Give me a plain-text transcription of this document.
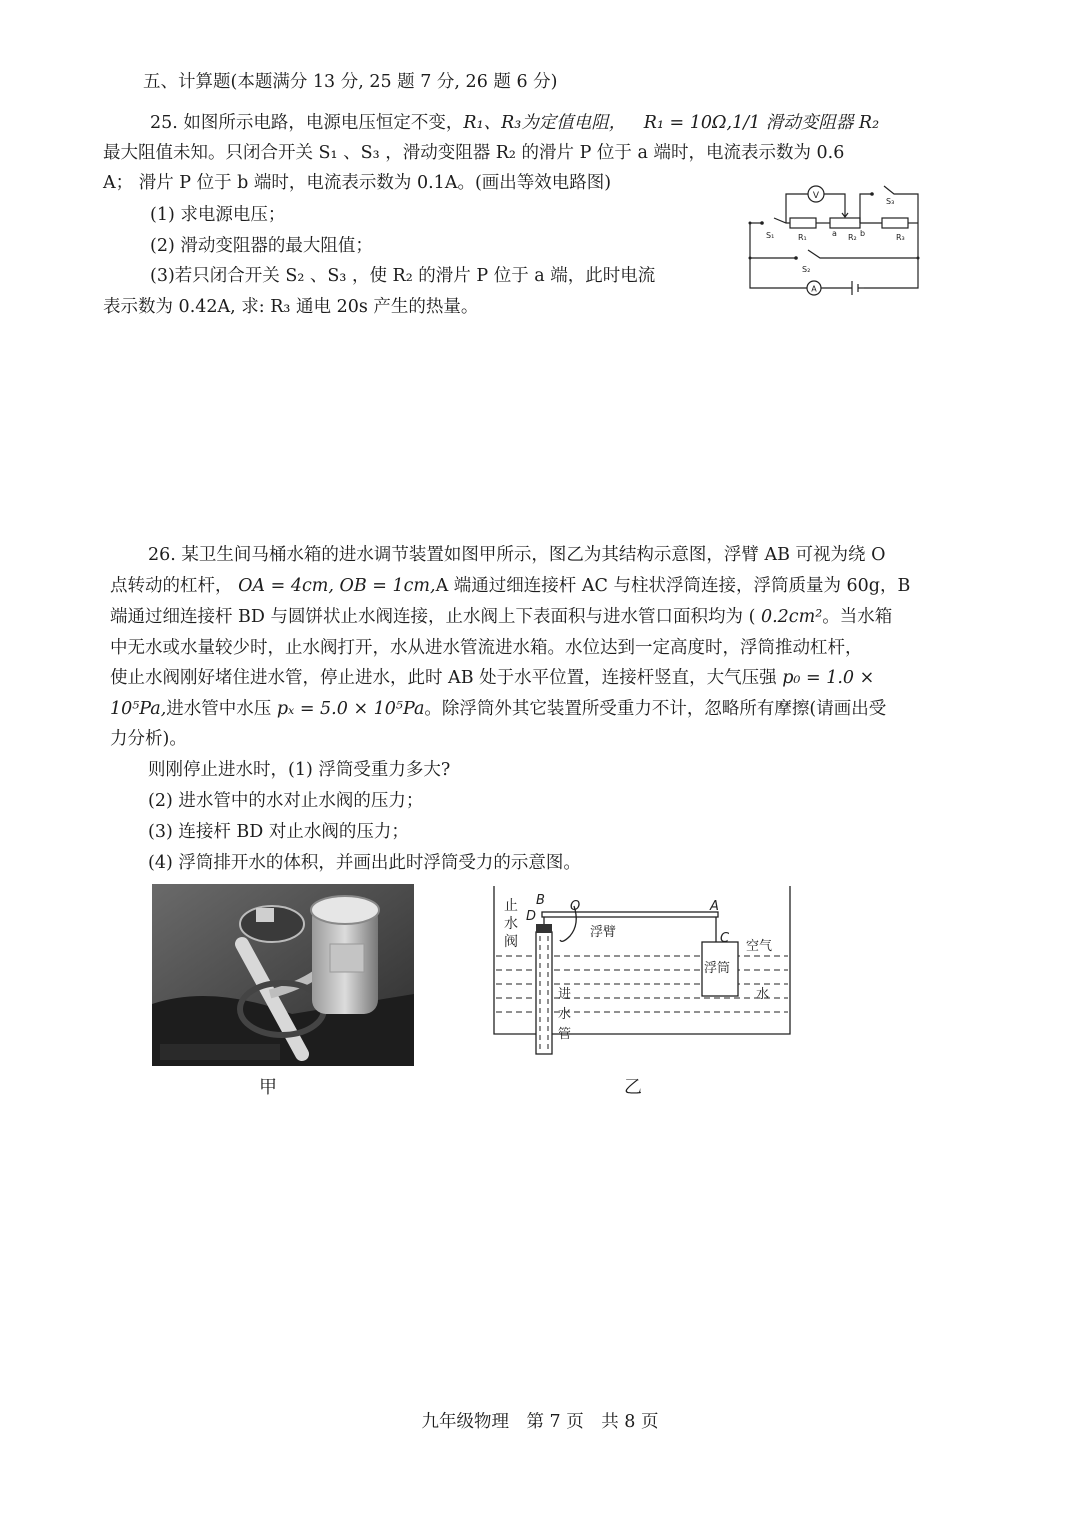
五、计算题(本题满分 13 分, 25 题 7 分, 26 题 6 分)
25. 如图所示电路，电源电压恒定不变，R₁、R₃为定值电阻，  R₁ = 10Ω,1/1 滑动变阻器 R₂
最大阻值未知。只闭合开关 S₁ 、S₃ ，滑动变阻器 R₂ 的滑片 P 位于 a 端时，电流表示数为 0.6
A； 滑片 P 位于 b 端时，电流表示数为 0.1A。(画出等效电路图)
(1) 求电源电压；
(2) 滑动变阻器的最大阻值；
(3)若只闭合开关 S₂ 、S₃ ，使 R₂ 的滑片 P 位于 a 端，此时电流
表示数为 0.42A, 求: R₃ 通电 20s 产生的热量。
V
A
S₁
S₂
S₃
R₁	R₂	R₃
a	b
26. 某卫生间马桶水箱的进水调节装置如图甲所示，图乙为其结构示意图，浮臂 AB 可视为绕 O
点转动的杠杆， OA = 4cm, OB = 1cm,A 端通过细连接杆 AC 与柱状浮筒连接，浮筒质量为 60g，B
端通过细连接杆 BD 与圆饼状止水阀连接，止水阀上下表面积与进水管口面积均为 ( 0.2cm²。当水箱
中无水或水量较少时，止水阀打开，水从进水管流进水箱。水位达到一定高度时，浮筒推动杠杆，
使止水阀刚好堵住进水管，停止进水，此时 AB 处于水平位置，连接杆竖直，大气压强 p₀ = 1.0 ×
10⁵Pa,进水管中水压 pₓ = 5.0 × 10⁵Pa。除浮筒外其它装置所受重力不计，忽略所有摩擦(请画出受
力分析)。
则刚停止进水时，(1) 浮筒受重力多大?
(2) 进水管中的水对止水阀的压力；
(3) 连接杆 BD 对止水阀的压力；
(4) 浮筒排开水的体积，并画出此时浮筒受力的示意图。
甲
止
水
阀
B
D
O	A
C
浮臂
浮筒
空气
水
进
水
管
乙
九年级物理　第 7 页　共 8 页
